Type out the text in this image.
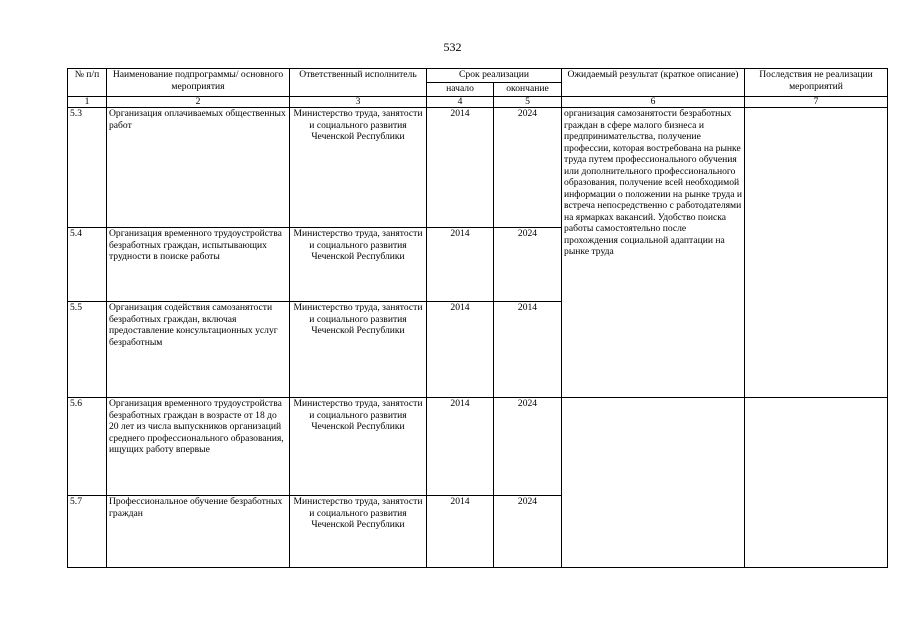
532
№ п/п	Наименование подпрограммы/ основного мероприятия	Ответственный исполнитель	Срок реализации		Ожидаемый результат (краткое описание)	Последствия не реализации мероприятий
			начало	окончание		
1	2	3	4	5	6	7
5.3	Организация оплачиваемых общественных работ	Министерство труда, занятости и социального развития Чеченской Республики	2014	2024	организация самозанятости безработных граждан в сфере малого бизнеса и предпринимательства, получение профессии, которая востребована на рынке труда путем профессионального обучения или дополнительного профессионального образования, получение всей необходимой информации о положении на рынке труда и встреча непосредственно с работодателями на ярмарках вакансий. Удобство поиска работы самостоятельно после прохождения социальной адаптации на рынке труда	
5.4	Организация временного трудоустройства безработных граждан, испытывающих трудности в поиске работы	Министерство труда, занятости и социального развития Чеченской Республики	2014	2024		
5.5	Организация содействия самозанятости безработных граждан, включая предоставление консультационных услуг безработным	Министерство труда, занятости и социального развития Чеченской Республики	2014	2014		
5.6	Организация временного трудоустройства безработных граждан в возрасте от 18 до 20 лет из числа выпускников организаций среднего профессионального образования, ищущих работу впервые	Министерство труда, занятости и социального развития Чеченской Республики	2014	2024		
5.7	Профессиональное обучение безработных граждан	Министерство труда, занятости и социального развития Чеченской Республики	2014	2024		
